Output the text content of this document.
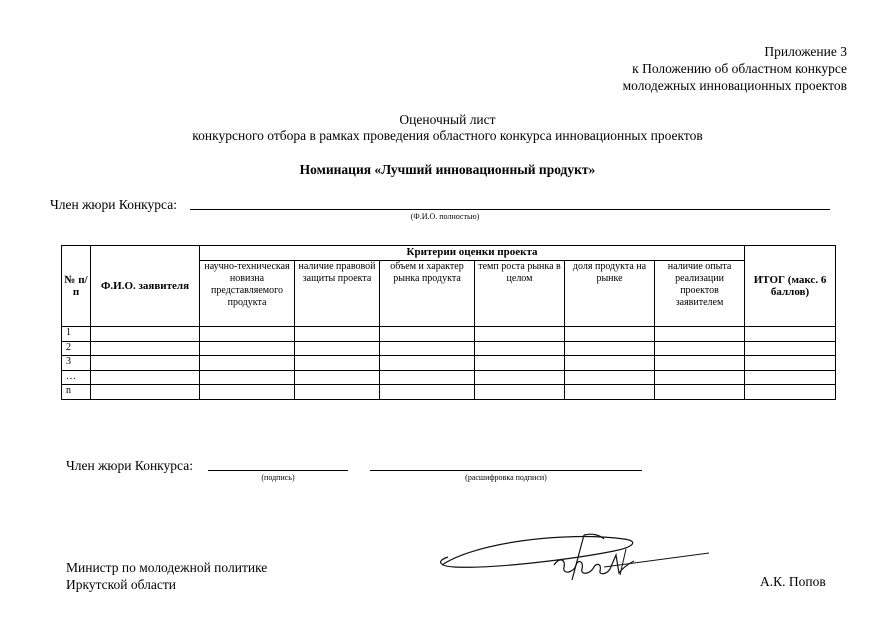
Приложение 3
к Положению об областном конкурсе
молодежных инновационных проектов
Оценочный лист
конкурсного отбора в рамках проведения областного конкурса инновационных проектов
Номинация «Лучший инновационный продукт»
Член жюри Конкурса:
(Ф.И.О. полностью)
№ п/п	Ф.И.О. заявителя	Критерии оценки проекта						ИТОГ (макс. 6 баллов)
		научно-техническая новизна представляемого продукта	наличие правовой защиты проекта	объем и характер рынка продукта	темп роста рынка в целом	доля продукта на рынке	наличие опыта реализации проектов заявителем	
1								
2								
3								
…								
n								
Член жюри Конкурса:
(подпись)	(расшифровка подписи)
Министр по молодежной политике
Иркутской области	А.К. Попов
